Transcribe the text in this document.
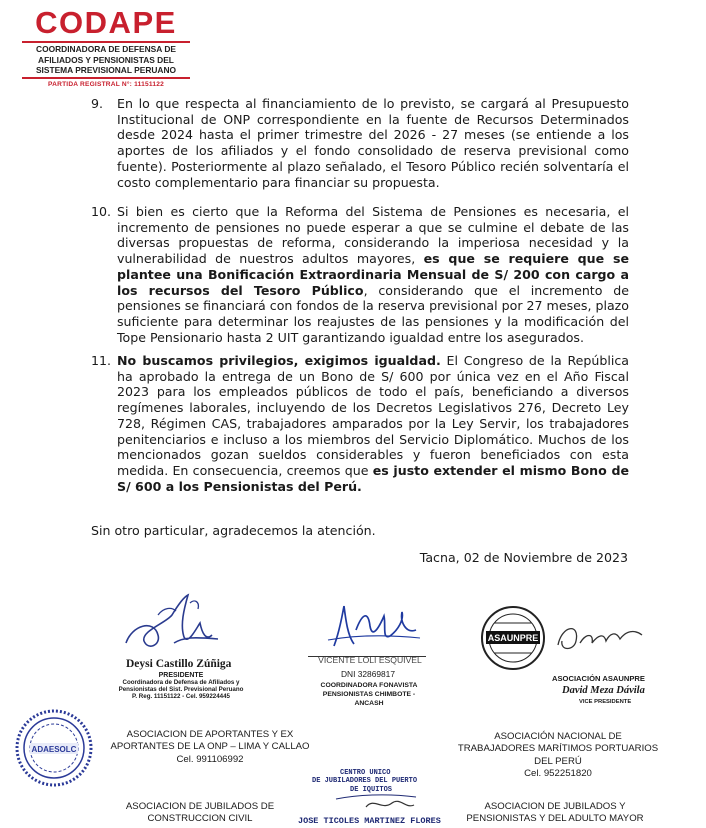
CODAPE
COORDINADORA DE DEFENSA DE
AFILIADOS Y PENSIONISTAS DEL
SISTEMA PREVISIONAL PERUANO
PARTIDA REGISTRAL N°: 11151122
9. En lo que respecta al financiamiento de lo previsto, se cargará al Presupuesto Institucional de ONP correspondiente en la fuente de Recursos Determinados desde 2024 hasta el primer trimestre del 2026 - 27 meses (se entiende a los aportes de los afiliados y el fondo consolidado de reserva previsional como fuente). Posteriormente al plazo señalado, el Tesoro Público recién solventaría el costo complementario para financiar su propuesta.
10. Si bien es cierto que la Reforma del Sistema de Pensiones es necesaria, el incremento de pensiones no puede esperar a que se culmine el debate de las diversas propuestas de reforma, considerando la imperiosa necesidad y la vulnerabilidad de nuestros adultos mayores, es que se requiere que se plantee una Bonificación Extraordinaria Mensual de S/ 200 con cargo a los recursos del Tesoro Público, considerando que el incremento de pensiones se financiará con fondos de la reserva previsional por 27 meses, plazo suficiente para determinar los reajustes de las pensiones y la modificación del Tope Pensionario hasta 2 UIT garantizando igualdad entre los asegurados.
11. No buscamos privilegios, exigimos igualdad. El Congreso de la República ha aprobado la entrega de un Bono de S/ 600 por única vez en el Año Fiscal 2023 para los empleados públicos de todo el país, beneficiando a diversos regímenes laborales, incluyendo de los Decretos Legislativos 276, Decreto Ley 728, Régimen CAS, trabajadores amparados por la Ley Servir, los trabajadores penitenciarios e incluso a los miembros del Servicio Diplomático. Muchos de los mencionados gozan sueldos considerables y fueron beneficiados con esta medida. En consecuencia, creemos que es justo extender el mismo Bono de S/ 600 a los Pensionistas del Perú.
Sin otro particular, agradecemos la atención.
Tacna, 02 de Noviembre de 2023
Deysi Castillo Zúñiga
PRESIDENTE
Coordinadora de Defensa de Afiliados y Pensionistas del Sist. Previsional Peruano
P. Reg. 11151122 - Cel. 959224445
VICENTE LOLI ESQUIVEL
DNI 32869817
COORDINADORA FONAVISTA
PENSIONISTAS CHIMBOTE - ANCASH
ASAUNPRE
ASOCIACIÓN ASAUNPRE
David Meza Dávila
VICE PRESIDENTE
ADAESOLC
ASOCIACION DE APORTANTES Y EX
APORTANTES DE LA ONP – LIMA Y CALLAO
Cel. 991106992
ASOCIACIÓN NACIONAL DE
TRABAJADORES MARÍTIMOS PORTUARIOS
DEL PERÚ
Cel. 952251820
ASOCIACION DE JUBILADOS DE
CONSTRUCCION CIVIL
ASOCIACION DE JUBILADOS Y
PENSIONISTAS Y DEL ADULTO MAYOR
CENTRO UNICO
DE JUBILADORES DEL PUERTO
DE IQUITOS
JOSE TICOLES MARTINEZ FLORES
